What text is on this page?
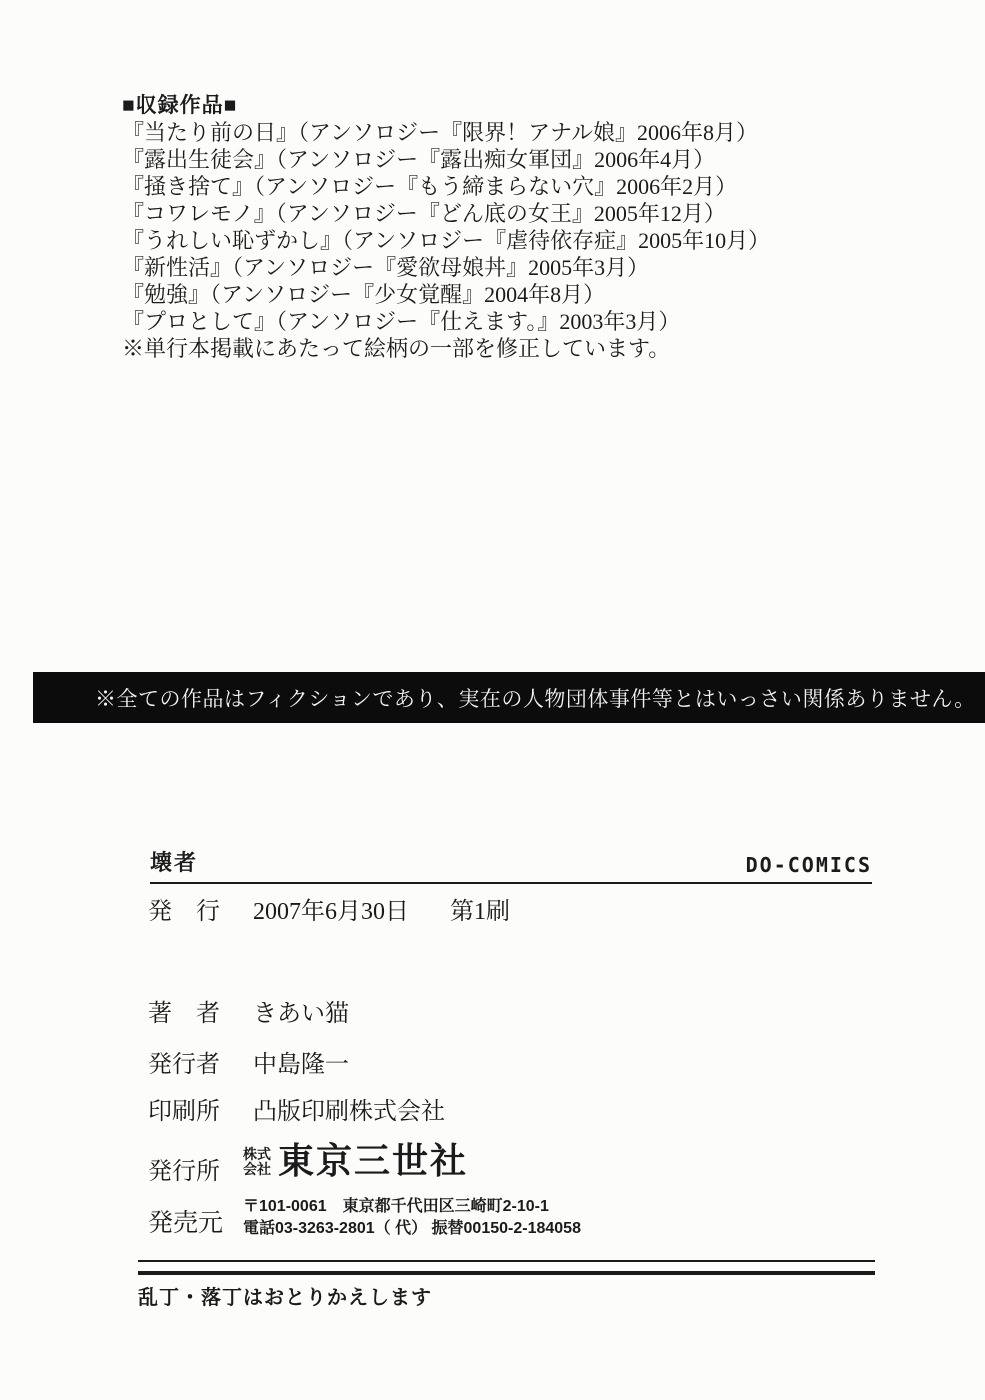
■収録作品■
『当たり前の日』（アンソロジー『限界！アナル娘』2006年8月）
『露出生徒会』（アンソロジー『露出痴女軍団』2006年4月）
『掻き捨て』（アンソロジー『もう締まらない穴』2006年2月）
『コワレモノ』（アンソロジー『どん底の女王』2005年12月）
『うれしい恥ずかし』（アンソロジー『虐待依存症』2005年10月）
『新性活』（アンソロジー『愛欲母娘丼』2005年3月）
『勉強』（アンソロジー『少女覚醒』2004年8月）
『プロとして』（アンソロジー『仕えます。』2003年3月）
※単行本掲載にあたって絵柄の一部を修正しています。
※全ての作品はフィクションであり、実在の人物団体事件等とはいっさい関係ありません。
壊者	DO-COMICS
発　行 2007年6月30日 第1刷
著　者 きあい猫
発行者 中島隆一
印刷所 凸版印刷株式会社
発行所
株式
会社 東京三世社
発売元
〒101-0061　東京都千代田区三崎町2-10-1
電話03-3263-2801（ 代） 振替00150-2-184058
乱丁・落丁はおとりかえします
